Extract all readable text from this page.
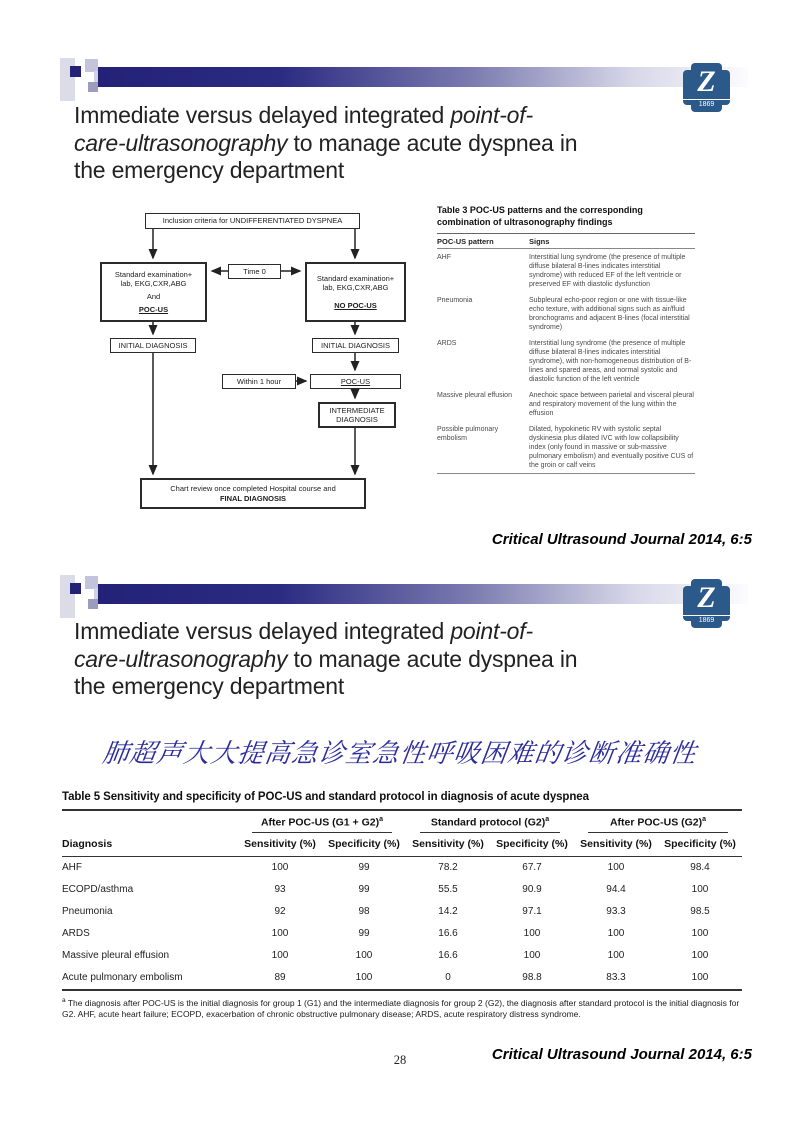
Z
1869
Immediate versus delayed integrated point-of-care-ultrasonography to manage acute dyspnea in the emergency department
Inclusion criteria for UNDIFFERENTIATED DYSPNEA
Standard examination+
lab, EKG,CXR,ABG
And
POC-US
Time 0
Standard examination+
lab, EKG,CXR,ABG
NO POC-US
INITIAL DIAGNOSIS	INITIAL DIAGNOSIS
Within 1 hour	POC-US
INTERMEDIATE DIAGNOSIS
Chart review once completed Hospital course and
FINAL DIAGNOSIS
Table 3 POC-US patterns and the corresponding combination of ultrasonography findings
POC-US pattern	Signs
AHF	Interstitial lung syndrome (the presence of multiple diffuse bilateral B-lines indicates interstitial syndrome) with reduced EF of the left ventricle or preserved EF with diastolic dysfunction
Pneumonia	Subpleural echo-poor region or one with tissue-like echo texture, with additional signs such as air/fluid bronchograms and adjacent B-lines (focal interstitial syndrome)
ARDS	Interstitial lung syndrome (the presence of multiple diffuse bilateral B-lines indicates interstitial syndrome), with non-homogeneous distribution of B-lines and spared areas, and normal systolic and diastolic function of the left ventricle
Massive pleural effusion	Anechoic space between parietal and visceral pleural and respiratory movement of the lung within the effusion
Possible pulmonary embolism	Dilated, hypokinetic RV with systolic septal dyskinesia plus dilated IVC with low collapsibility index (only found in massive or sub-massive pulmonary embolism) and eventually positive CUS of the groin or calf veins
Critical Ultrasound Journal 2014, 6:5
Z
1869
Immediate versus delayed integrated point-of-care-ultrasonography to manage acute dyspnea in the emergency department
肺超声大大提高急诊室急性呼吸困难的诊断准确性
Table 5 Sensitivity and specificity of POC-US and standard protocol in diagnosis of acute dyspnea

	After POC-US $(G1 + G2)^a$		Standard protocol $(G2)^a$		After POC-US $(G2)^a$

Diagnosis	Sensitivity (%)	Specificity (%)	Sensitivity (%)	Specificity (%)	Sensitivity (%)	Specificity (%)
AHF	100	99	78.2	67.7	100	98.4
ECOPD/asthma	93	99	55.5	90.9	94.4	100
Pneumonia	92	98	14.2	97.1	93.3	98.5
ARDS	100	99	16.6	100	100	100
Massive pleural effusion	100	100	16.6	100	100	100
Acute pulmonary embolism	89	100	0	98.8	83.3	100
$^a$ The diagnosis after POC-US is the initial diagnosis for group 1 (G1) and the intermediate diagnosis for group 2 (G2), the diagnosis after standard protocol is the initial diagnosis for G2. AHF, acute heart failure; ECOPD, exacerbation of chronic obstructive pulmonary disease; ARDS, acute respiratory distress syndrome.
28	Critical Ultrasound Journal 2014, 6:5
